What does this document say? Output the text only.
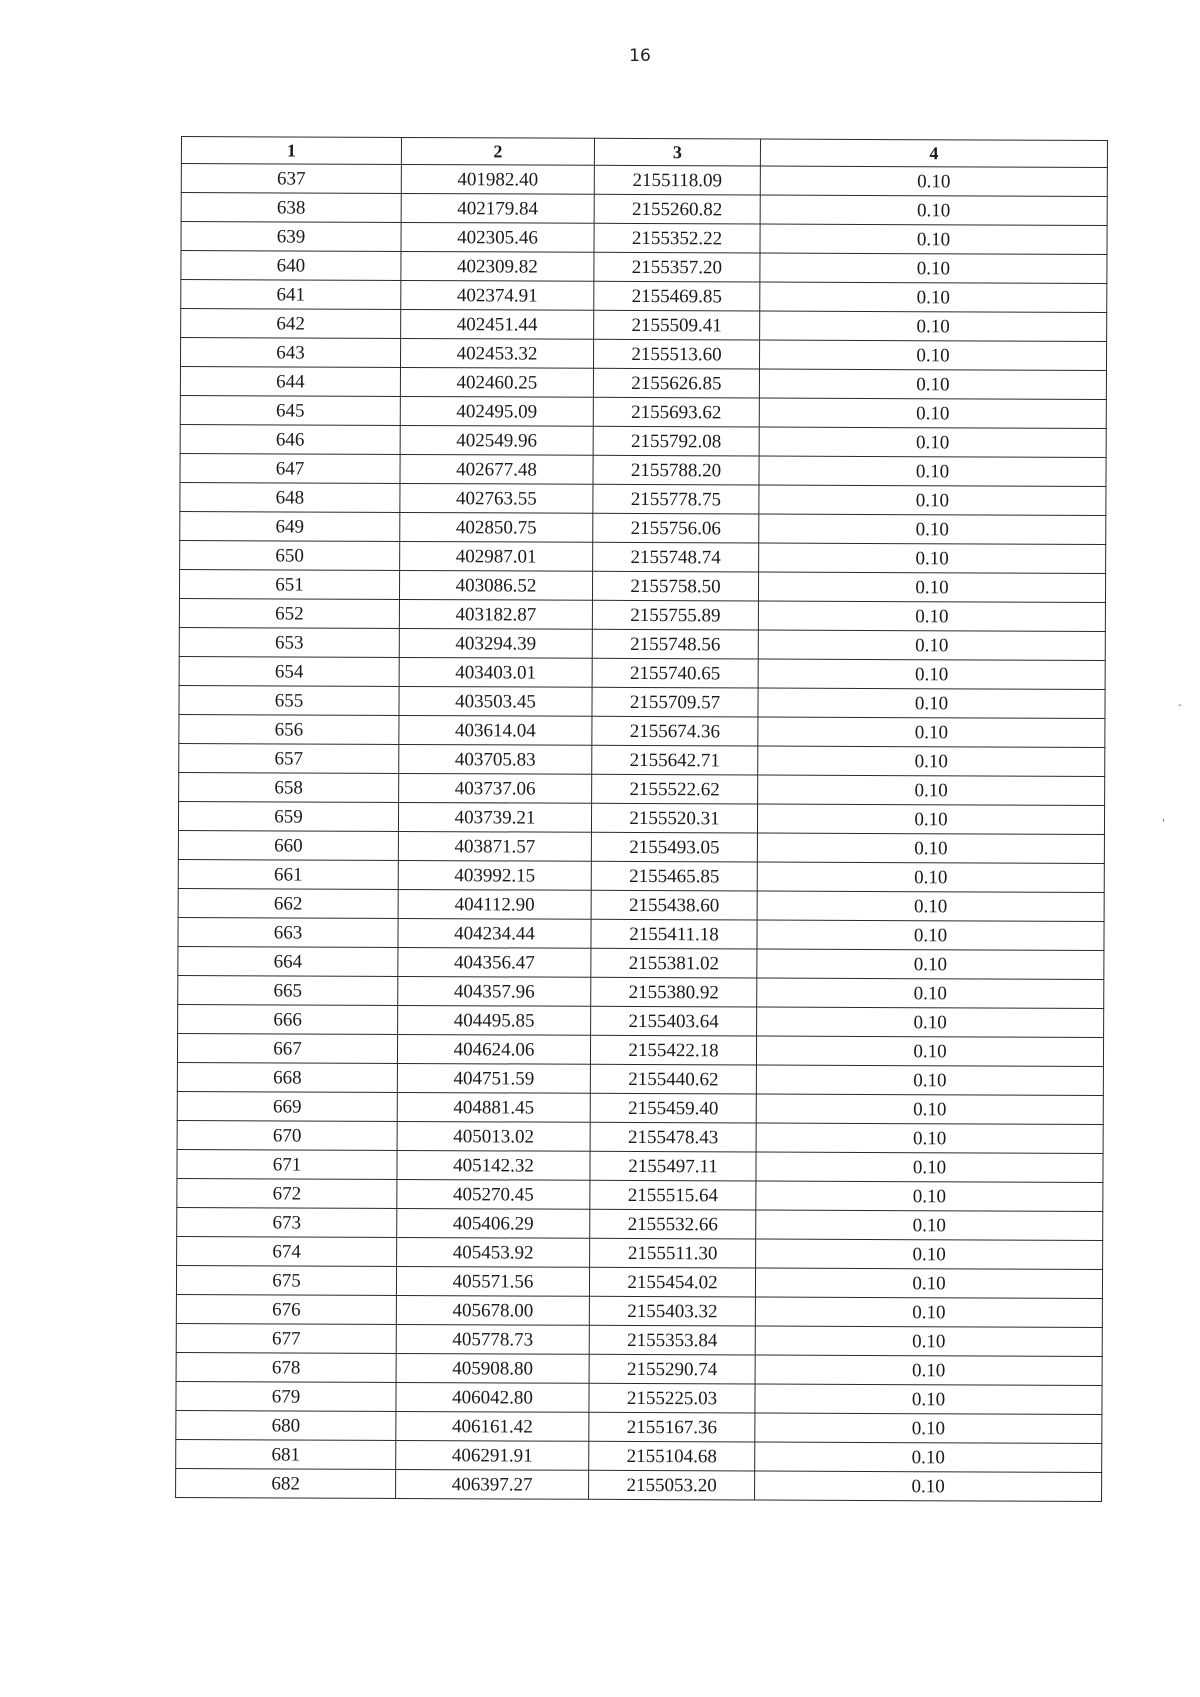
16
1	2	3	4
637	401982.40	2155118.09	0.10
638	402179.84	2155260.82	0.10
639	402305.46	2155352.22	0.10
640	402309.82	2155357.20	0.10
641	402374.91	2155469.85	0.10
642	402451.44	2155509.41	0.10
643	402453.32	2155513.60	0.10
644	402460.25	2155626.85	0.10
645	402495.09	2155693.62	0.10
646	402549.96	2155792.08	0.10
647	402677.48	2155788.20	0.10
648	402763.55	2155778.75	0.10
649	402850.75	2155756.06	0.10
650	402987.01	2155748.74	0.10
651	403086.52	2155758.50	0.10
652	403182.87	2155755.89	0.10
653	403294.39	2155748.56	0.10
654	403403.01	2155740.65	0.10
655	403503.45	2155709.57	0.10
656	403614.04	2155674.36	0.10
657	403705.83	2155642.71	0.10
658	403737.06	2155522.62	0.10
659	403739.21	2155520.31	0.10
660	403871.57	2155493.05	0.10
661	403992.15	2155465.85	0.10
662	404112.90	2155438.60	0.10
663	404234.44	2155411.18	0.10
664	404356.47	2155381.02	0.10
665	404357.96	2155380.92	0.10
666	404495.85	2155403.64	0.10
667	404624.06	2155422.18	0.10
668	404751.59	2155440.62	0.10
669	404881.45	2155459.40	0.10
670	405013.02	2155478.43	0.10
671	405142.32	2155497.11	0.10
672	405270.45	2155515.64	0.10
673	405406.29	2155532.66	0.10
674	405453.92	2155511.30	0.10
675	405571.56	2155454.02	0.10
676	405678.00	2155403.32	0.10
677	405778.73	2155353.84	0.10
678	405908.80	2155290.74	0.10
679	406042.80	2155225.03	0.10
680	406161.42	2155167.36	0.10
681	406291.91	2155104.68	0.10
682	406397.27	2155053.20	0.10
-
'
